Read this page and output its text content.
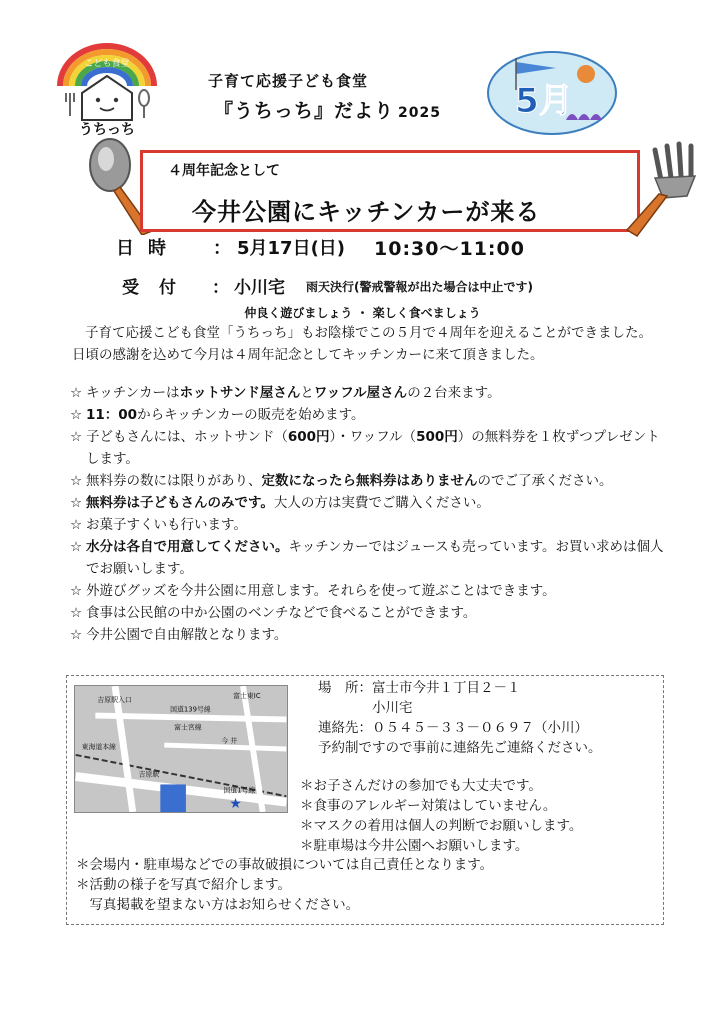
こども食堂
うちっち
子育て応援子ども食堂
『うちっち』だより 2025 5月
４周年記念として
今井公園にキッチンカーが来る
日時 ： 5月17日(日) 10:30〜11:00
受付 ： 小川宅 雨天決行(警戒警報が出た場合は中止です)
仲良く遊びましょう ・ 楽しく食べましょう

子育て応援こども食堂「うちっち」もお陰様でこの５月で４周年を迎えることができました。日頃の感謝を込めて今月は４周年記念としてキッチンカーに来て頂きました。

☆ キッチンカーはホットサンド屋さんとワッフル屋さんの２台来ます。
☆ 11：00からキッチンカーの販売を始めます。
☆ 子どもさんには、ホットサンド（600円）・ワッフル（500円）の無料券を１枚ずつプレゼントします。
☆ 無料券の数には限りがあり、定数になったら無料券はありませんのでご了承ください。
☆ 無料券は子どもさんのみです。大人の方は実費でご購入ください。
☆ お菓子すくいも行います。
☆ 水分は各自で用意してください。キッチンカーではジュースも売っています。お買い求めは個人でお願いします。
☆ 外遊びグッズを今井公園に用意します。それらを使って遊ぶことはできます。
☆ 食事は公民館の中か公園のベンチなどで食べることができます。
☆ 今井公園で自由解散となります。
★
吉原駅入口
国道139号線
今 井
吉原駅
富士東IC
東海道本線
国道1号線
富士宮線
場　所：富士市今井１丁目２－１
　　　　小川宅
連絡先：０５４５－３３－０６９７（小川）
予約制ですので事前に連絡先ご連絡ください。
＊お子さんだけの参加でも大丈夫です。
＊食事のアレルギー対策はしていません。
＊マスクの着用は個人の判断でお願いします。
＊駐車場は今井公園へお願いします。
＊会場内・駐車場などでの事故破損については自己責任となります。
＊活動の様子を写真で紹介します。
　写真掲載を望まない方はお知らせください。
